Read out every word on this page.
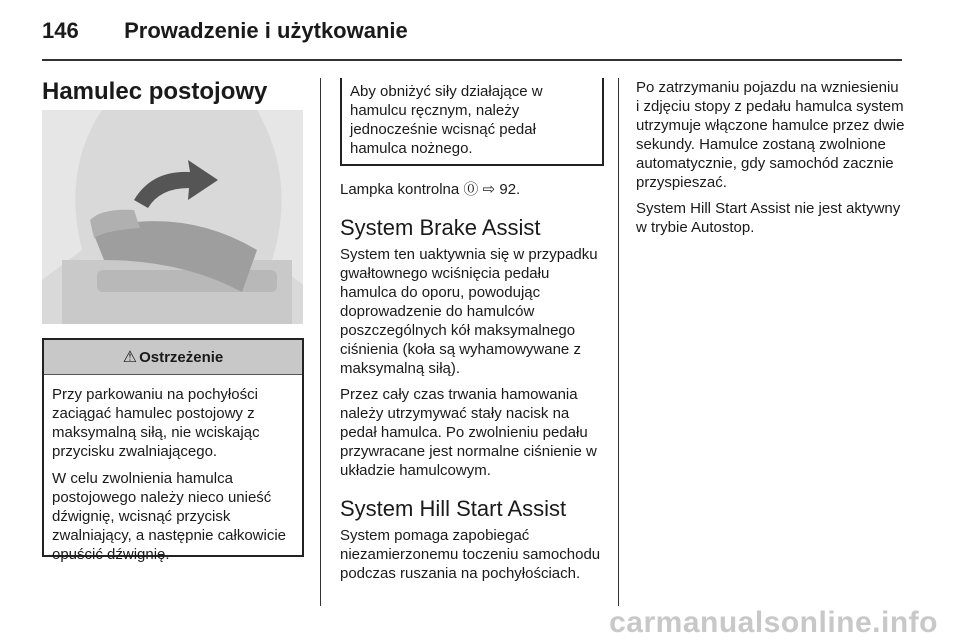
146 Prowadzenie i użytkowanie
Hamulec postojowy
⚠ Ostrzeżenie

Przy parkowaniu na pochyłości zaciągać hamulec postojowy z maksymalną siłą, nie wciskając przycisku zwalniającego.

W celu zwolnienia hamulca postojowego należy nieco unieść dźwignię, wcisnąć przycisk zwalniający, a następnie całkowicie opuścić dźwignię.

Aby obniżyć siły działające w hamulcu ręcznym, należy jednocześnie wcisnąć pedał hamulca nożnego.

Lampka kontrolna ⓪ ⇨ 92.

System Brake Assist

System ten uaktywnia się w przypadku gwałtownego wciśnięcia pedału hamulca do oporu, powodując doprowadzenie do hamulców poszczególnych kół maksymalnego ciśnienia (koła są wyhamowywane z maksymalną siłą).

Przez cały czas trwania hamowania należy utrzymywać stały nacisk na pedał hamulca. Po zwolnieniu pedału przywracane jest normalne ciśnienie w układzie hamulcowym.

System Hill Start Assist

System pomaga zapobiegać niezamierzonemu toczeniu samochodu podczas ruszania na pochyłościach.

Po zatrzymaniu pojazdu na wzniesieniu i zdjęciu stopy z pedału hamulca system utrzymuje włączone hamulce przez dwie sekundy. Hamulce zostaną zwolnione automatycznie, gdy samochód zacznie przyspieszać.

System Hill Start Assist nie jest aktywny w trybie Autostop.

carmanualsonline.info
